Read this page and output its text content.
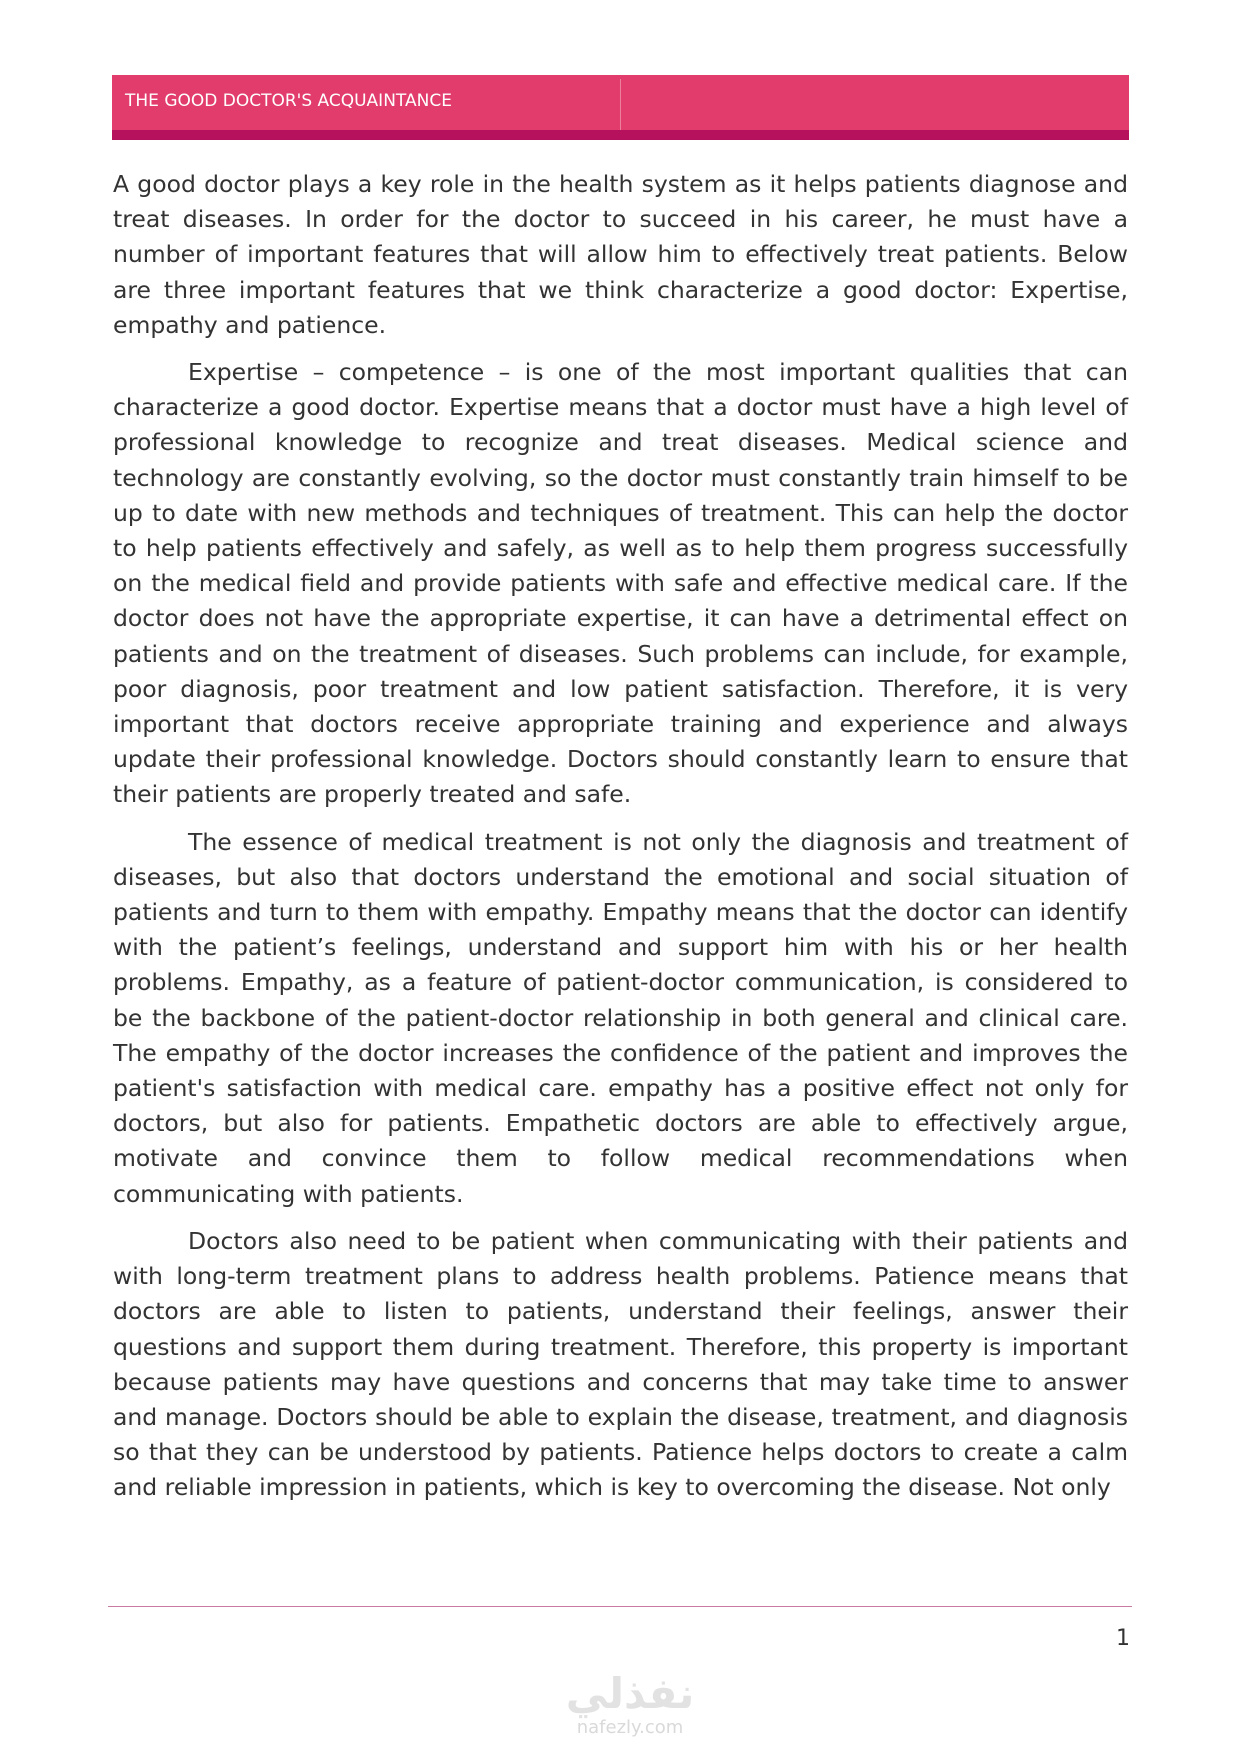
THE GOOD DOCTOR'S ACQUAINTANCE

A good doctor plays a key role in the health system as it helps patients diagnose and treat diseases. In order for the doctor to succeed in his career, he must have a number of important features that will allow him to effectively treat patients. Below are three important features that we think characterize a good doctor: Expertise, empathy and patience.

Expertise – competence – is one of the most important qualities that can characterize a good doctor. Expertise means that a doctor must have a high level of professional knowledge to recognize and treat diseases. Medical science and technology are constantly evolving, so the doctor must constantly train himself to be up to date with new methods and techniques of treatment. This can help the doctor to help patients effectively and safely, as well as to help them progress successfully on the medical field and provide patients with safe and effective medical care. If the doctor does not have the appropriate expertise, it can have a detrimental effect on patients and on the treatment of diseases. Such problems can include, for example, poor diagnosis, poor treatment and low patient satisfaction. Therefore, it is very important that doctors receive appropriate training and experience and always update their professional knowledge. Doctors should constantly learn to ensure that their patients are properly treated and safe.

The essence of medical treatment is not only the diagnosis and treatment of diseases, but also that doctors understand the emotional and social situation of patients and turn to them with empathy. Empathy means that the doctor can identify with the patient’s feelings, understand and support him with his or her health problems. Empathy, as a feature of patient-doctor communication, is considered to be the backbone of the patient-doctor relationship in both general and clinical care. The empathy of the doctor increases the confidence of the patient and improves the patient's satisfaction with medical care. empathy has a positive effect not only for doctors, but also for patients. Empathetic doctors are able to effectively argue, motivate and convince them to follow medical recommendations when communicating with patients.

Doctors also need to be patient when communicating with their patients and with long-term treatment plans to address health problems. Patience means that doctors are able to listen to patients, understand their feelings, answer their questions and support them during treatment. Therefore, this property is important because patients may have questions and concerns that may take time to answer and manage. Doctors should be able to explain the disease, treatment, and diagnosis so that they can be understood by patients. Patience helps doctors to create a calm and reliable impression in patients, which is key to overcoming the disease. Not only

1
نفذلي
nafezly.com
